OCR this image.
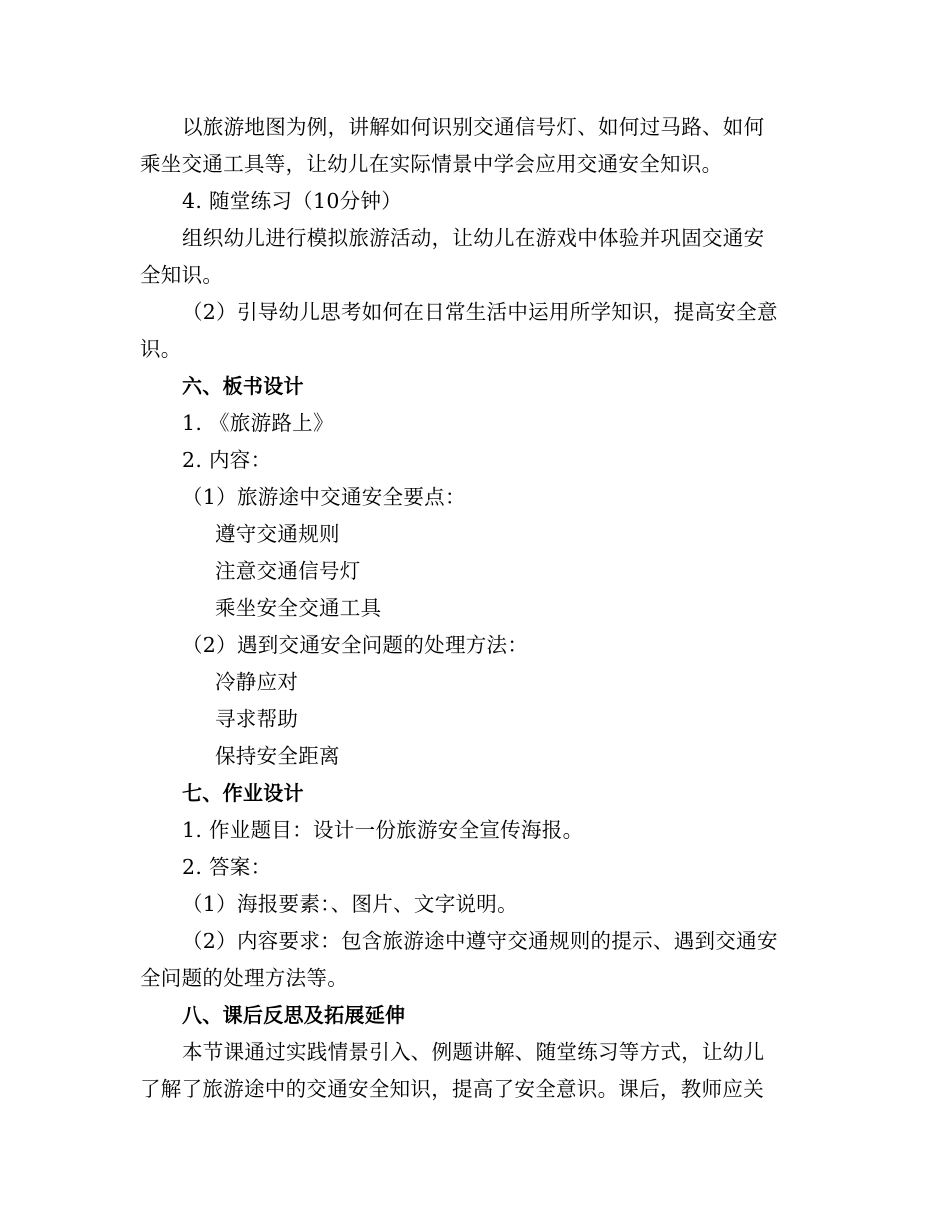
以旅游地图为例，讲解如何识别交通信号灯、如何过马路、如何
乘坐交通工具等，让幼儿在实际情景中学会应用交通安全知识。
4. 随堂练习（10分钟）
组织幼儿进行模拟旅游活动，让幼儿在游戏中体验并巩固交通安
全知识。
（2）引导幼儿思考如何在日常生活中运用所学知识，提高安全意
识。
六、板书设计
1. 《旅游路上》
2. 内容：
（1）旅游途中交通安全要点：
遵守交通规则
注意交通信号灯
乘坐安全交通工具
（2）遇到交通安全问题的处理方法：
冷静应对
寻求帮助
保持安全距离
七、作业设计
1. 作业题目：设计一份旅游安全宣传海报。
2. 答案：
（1）海报要素：、图片、文字说明。
（2）内容要求：包含旅游途中遵守交通规则的提示、遇到交通安
全问题的处理方法等。
八、课后反思及拓展延伸
本节课通过实践情景引入、例题讲解、随堂练习等方式，让幼儿
了解了旅游途中的交通安全知识，提高了安全意识。课后，教师应关
